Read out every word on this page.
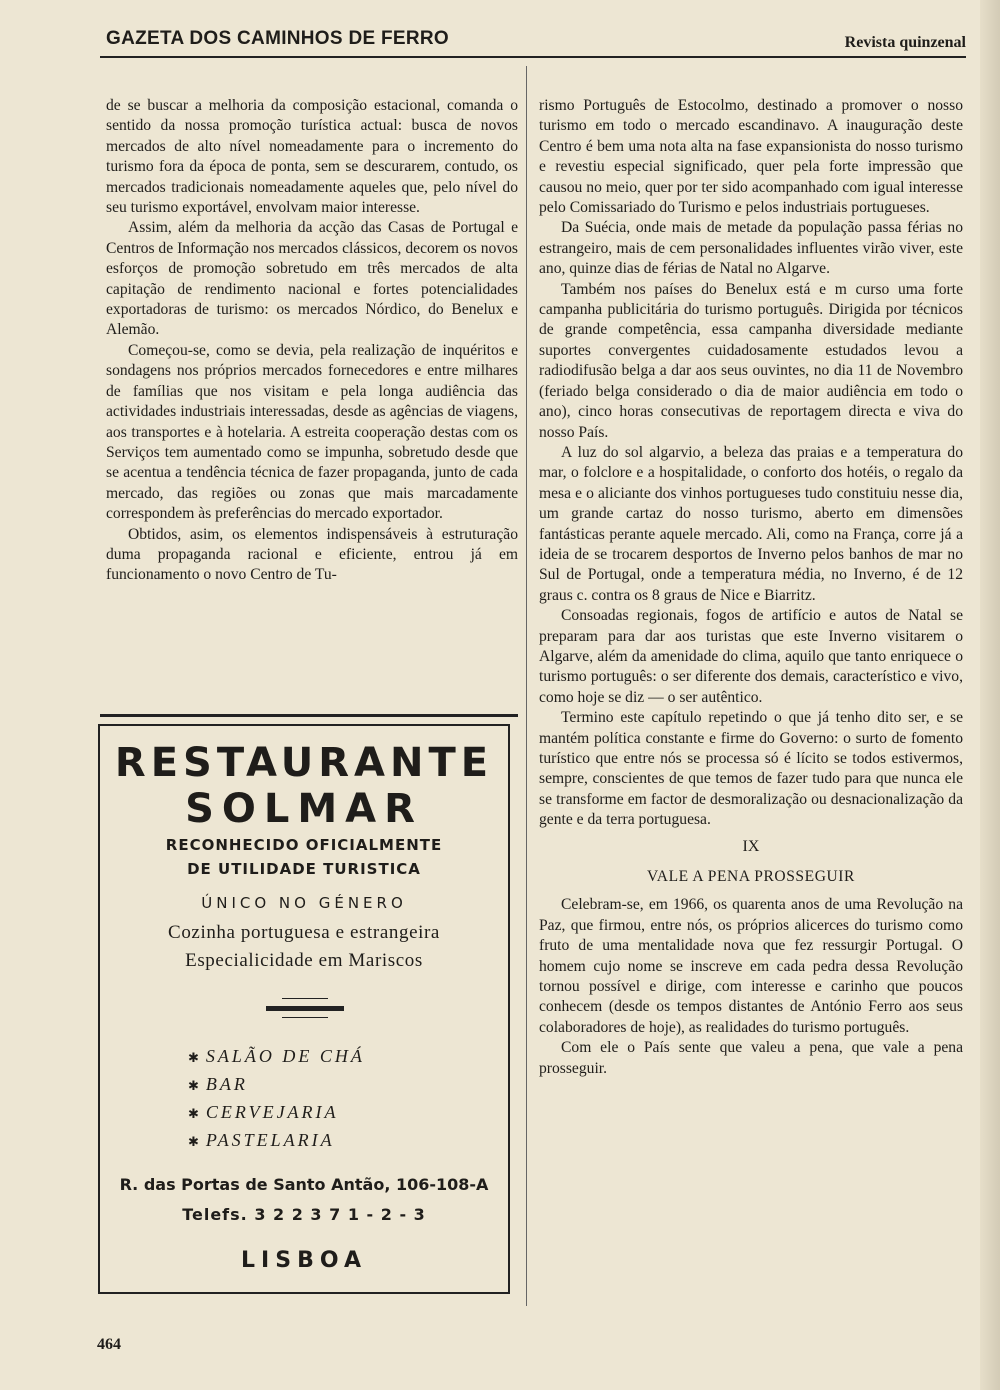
GAZETA DOS CAMINHOS DE FERRO	Revista quinzenal

de se buscar a melhoria da composição estacional, comanda o sentido da nossa promoção turística actual: busca de novos mercados de alto nível nomeadamente para o incremento do turismo fora da época de ponta, sem se descurarem, contudo, os mercados tradicionais nomeadamente aqueles que, pelo nível do seu turismo exportável, envolvam maior interesse.

Assim, além da melhoria da acção das Casas de Portugal e Centros de Informação nos mercados clássicos, decorem os novos esforços de promoção sobretudo em três mercados de alta capitação de rendimento nacional e fortes potencialidades exportadoras de turismo: os mercados Nórdico, do Benelux e Alemão.

Começou-se, como se devia, pela realização de inquéritos e sondagens nos próprios mercados fornecedores e entre milhares de famílias que nos visitam e pela longa audiência das actividades industriais interessadas, desde as agências de viagens, aos transportes e à hotelaria. A estreita cooperação destas com os Serviços tem aumentado como se impunha, sobretudo desde que se acentua a tendência técnica de fazer propaganda, junto de cada mercado, das regiões ou zonas que mais marcadamente correspondem às preferências do mercado exportador.

Obtidos, asim, os elementos indispensáveis à estruturação duma propaganda racional e eficiente, entrou já em funcionamento o novo Centro de Tu-

RESTAURANTE
SOLMAR
RECONHECIDO OFICIALMENTE
DE UTILIDADE TURISTICA
ÚNICO NO GÉNERO
Cozinha portuguesa e estrangeira
Especialicidade em Mariscos
✱ SALÃO DE CHÁ
✱ BAR
✱ CERVEJARIA
✱ PASTELARIA
R. das Portas de Santo Antão, 106-108-A
Telefs. 3 2 2 3 7 1 - 2 - 3
LISBOA

rismo Português de Estocolmo, destinado a promover o nosso turismo em todo o mercado escandinavo. A inauguração deste Centro é bem uma nota alta na fase expansionista do nosso turismo e revestiu especial significado, quer pela forte impressão que causou no meio, quer por ter sido acompanhado com igual interesse pelo Comissariado do Turismo e pelos industriais portugueses.

Da Suécia, onde mais de metade da população passa férias no estrangeiro, mais de cem personalidades influentes virão viver, este ano, quinze dias de férias de Natal no Algarve.

Também nos países do Benelux está e m curso uma forte campanha publicitária do turismo português. Dirigida por técnicos de grande competência, essa campanha diversidade mediante suportes convergentes cuidadosamente estudados levou a radiodifusão belga a dar aos seus ouvintes, no dia 11 de Novembro (feriado belga considerado o dia de maior audiência em todo o ano), cinco horas consecutivas de reportagem directa e viva do nosso País.

A luz do sol algarvio, a beleza das praias e a temperatura do mar, o folclore e a hospitalidade, o conforto dos hotéis, o regalo da mesa e o aliciante dos vinhos portugueses tudo constituiu nesse dia, um grande cartaz do nosso turismo, aberto em dimensões fantásticas perante aquele mercado. Ali, como na França, corre já a ideia de se trocarem desportos de Inverno pelos banhos de mar no Sul de Portugal, onde a temperatura média, no Inverno, é de 12 graus c. contra os 8 graus de Nice e Biarritz.

Consoadas regionais, fogos de artifício e autos de Natal se preparam para dar aos turistas que este Inverno visitarem o Algarve, além da amenidade do clima, aquilo que tanto enriquece o turismo português: o ser diferente dos demais, característico e vivo, como hoje se diz — o ser autêntico.

Termino este capítulo repetindo o que já tenho dito ser, e se mantém política constante e firme do Governo: o surto de fomento turístico que entre nós se processa só é lícito se todos estivermos, sempre, conscientes de que temos de fazer tudo para que nunca ele se transforme em factor de desmoralização ou desnacionalização da gente e da terra portuguesa.

IX
VALE A PENA PROSSEGUIR

Celebram-se, em 1966, os quarenta anos de uma Revolução na Paz, que firmou, entre nós, os próprios alicerces do turismo como fruto de uma mentalidade nova que fez ressurgir Portugal. O homem cujo nome se inscreve em cada pedra dessa Revolução tornou possível e dirige, com interesse e carinho que poucos conhecem (desde os tempos distantes de António Ferro aos seus colaboradores de hoje), as realidades do turismo português.

Com ele o País sente que valeu a pena, que vale a pena prosseguir.

464
